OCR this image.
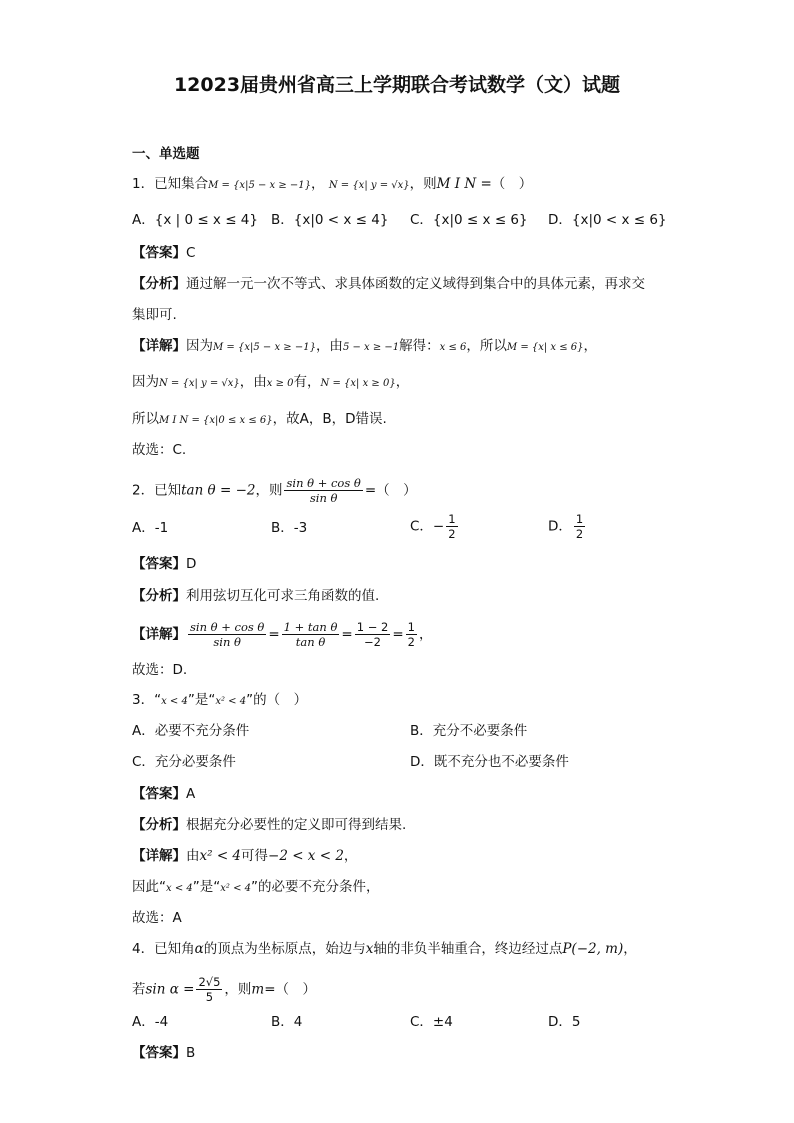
12023届贵州省高三上学期联合考试数学（文）试题
一、单选题
1．已知集合M = {x|5 − x ≥ −1}， N = {x| y = √x}，则M I N =（　）
A．{x | 0 ≤ x ≤ 4} B．{x|0 < x ≤ 4} C．{x|0 ≤ x ≤ 6} D．{x|0 < x ≤ 6}
【答案】C
【分析】通过解一元一次不等式、求具体函数的定义域得到集合中的具体元素，再求交
集即可.
【详解】因为M = {x|5 − x ≥ −1}，由5 − x ≥ −1解得：x ≤ 6，所以M = {x| x ≤ 6}，
因为N = {x| y = √x}，由x ≥ 0有，N = {x| x ≥ 0}，
所以M I N = {x|0 ≤ x ≤ 6}，故A，B，D错误.
故选：C.
2．已知tan θ = −2，则 $\frac{\text{sin θ + cos θ}}{\text{sin θ}}$ =（　）
A．-1	B．-3	C．− $\frac{1}{2}$	D． $\frac{1}{2}$
【答案】D
【分析】利用弦切互化可求三角函数的值.
【详解】 $\frac{\text{sin θ + cos θ}}{\text{sin θ}} = \frac{\text{1 + tan θ}}{\text{tan θ}} = \frac{1 - 2}{-2} = \frac{1}{2}$ ，
故选：D.
3．“x < 4”是“x² < 4”的（　）
A．必要不充分条件	B．充分不必要条件
C．充分必要条件	D．既不充分也不必要条件
【答案】A
【分析】根据充分必要性的定义即可得到结果.
【详解】由x² < 4可得−2 < x < 2，
因此“x < 4”是“x² < 4”的必要不充分条件，
故选：A
4．已知角α的顶点为坐标原点，始边与x轴的非负半轴重合，终边经过点P(−2, m)，
若$\sin \alpha = \frac{2√5}{5}$ ，则m=（　）
A．-4	B．4	C．±4	D．5
【答案】B
